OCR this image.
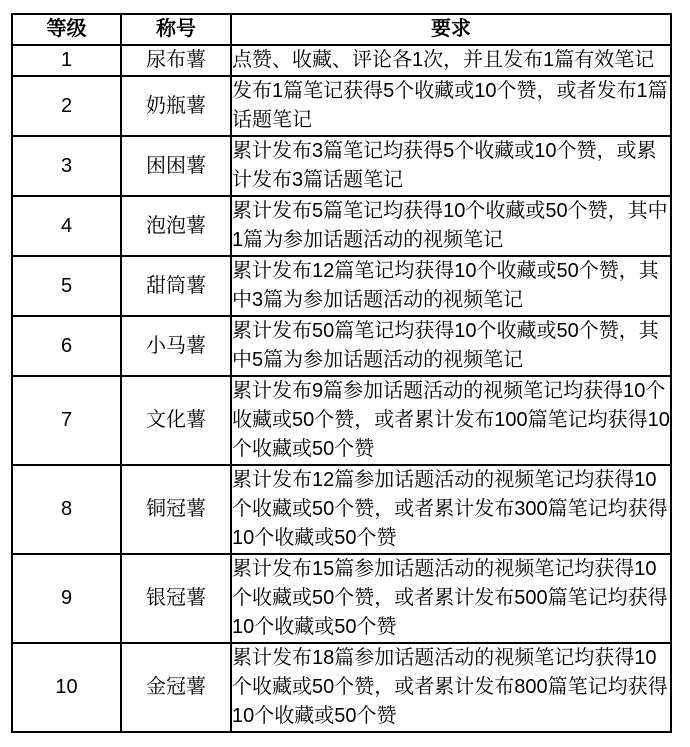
等级	称号	要求
1	尿布薯	点赞、收藏、评论各1次，并且发布1篇有效笔记
2	奶瓶薯	发布1篇笔记获得5个收藏或10个赞，或者发布1篇话题笔记
3	困困薯	累计发布3篇笔记均获得5个收藏或10个赞，或累计发布3篇话题笔记
4	泡泡薯	累计发布5篇笔记均获得10个收藏或50个赞，其中1篇为参加话题活动的视频笔记
5	甜筒薯	累计发布12篇笔记均获得10个收藏或50个赞，其中3篇为参加话题活动的视频笔记
6	小马薯	累计发布50篇笔记均获得10个收藏或50个赞，其中5篇为参加话题活动的视频笔记
7	文化薯	累计发布9篇参加话题活动的视频笔记均获得10个收藏或50个赞，或者累计发布100篇笔记均获得10个收藏或50个赞
8	铜冠薯	累计发布12篇参加话题活动的视频笔记均获得10个收藏或50个赞，或者累计发布300篇笔记均获得10个收藏或50个赞
9	银冠薯	累计发布15篇参加话题活动的视频笔记均获得10个收藏或50个赞，或者累计发布500篇笔记均获得10个收藏或50个赞
10	金冠薯	累计发布18篇参加话题活动的视频笔记均获得10个收藏或50个赞，或者累计发布800篇笔记均获得10个收藏或50个赞
